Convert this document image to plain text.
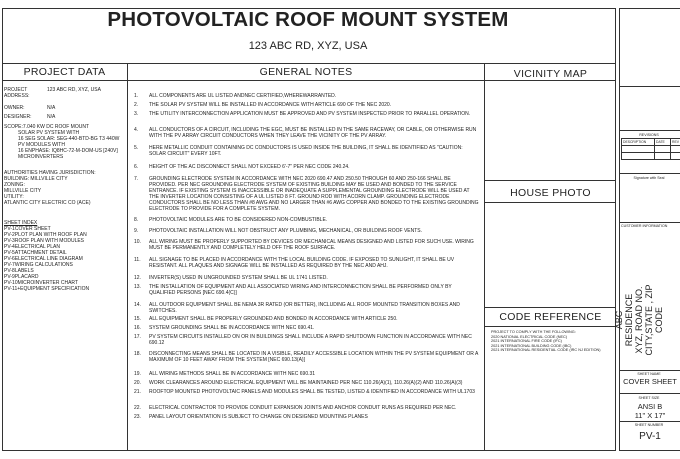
PHOTOVOLTAIC ROOF MOUNT SYSTEM
123 ABC RD, XYZ, USA
PROJECT DATA	GENERAL NOTES	VICINITY MAP
HOUSE PHOTO
CODE REFERENCE
PROJECT ADDRESS:
123 ABC RD, XYZ, USA
OWNER:	N/A
DESIGNER:	N/A
SCOPE:7.040 KW DC ROOF MOUNT
SOLAR PV SYSTEM WITH
16 SEG SOLAR: SEG-440-BTD-BG T3 440W
PV MODULES WITH
16 ENPHASE: IQ8HC-72-M-DOM-US [240V]
MICROINVERTERS
AUTHORITIES HAVING JURISDICTION:
BUILDING: MILLVILLE CITY
ZONING:
MILLVILLE CITY
UTILITY:
ATLANTIC CITY ELECTRIC CO (ACE)
SHEET INDEX
PV-1COVER SHEET
PV-2PLOT PLAN WITH ROOF PLAN
PV-3ROOF PLAN WITH MODULES
PV-4ELECTRICAL PLAN
PV-5ATTACHMENT DETAIL
PV-6ELECTRICAL LINE DIAGRAM
PV-7WIRING CALCULATIONS
PV-8LABELS
PV-9PLACARD
PV-10MICROINVERTER CHART
PV-11+EQUIPMENT SPECIFICATION
1.	ALL COMPONENTS ARE UL LISTED ANDNEC CERTIFIED,WHEREWARRANTED.
2.	THE SOLAR PV SYSTEM WILL BE INSTALLED IN ACCORDANCE WITH ARTICLE 690 OF THE NEC 2020.
3.	THE UTILITY INTERCONNECTION APPLICATION MUST BE APPROVED AND PV SYSTEM INSPECTED PRIOR TO PARALLEL OPERATION.
4.	ALL CONDUCTORS OF A CIRCUIT, INCLUDING THE EGC, MUST BE INSTALLED IN THE SAME RACEWAY, OR CABLE, OR OTHERWISE RUN WITH THE PV ARRAY CIRCUIT CONDUCTORS WHEN THEY LEAVE THE VICINITY OF THE PV ARRAY.
5.	HERE METALLIC CONDUIT CONTAINING DC CONDUCTORS IS USED INSIDE THE BUILDING, IT SHALL BE IDENTIFIED AS "CAUTION: SOLAR CIRCUIT" EVERY 10FT.
6.	HEIGHT OF THE AC DISCONNECT SHALL NOT EXCEED 6'-7" PER NEC CODE 240.24.
7.	GROUNDING ELECTRODE SYSTEM IN ACCORDANCE WITH NEC 2020 690.47 AND 250.50 THROUGH 60 AND 250-166 SHALL BE PROVIDED. PER NEC GROUNDING ELECTRODE SYSTEM OF EXISTING BUILDING MAY BE USED AND BONDED TO THE SERVICE ENTRANCE. IF EXISTING SYSTEM IS INACCESSIBLE OR INADEQUATE A SUPPLEMENTAL GROUNDING ELECTRODE WILL BE USED AT THE INVERTER LOCATION CONSISTING OF A UL LISTED 8 FT. GROUND ROD WITH ACORN CLAMP. GROUNDING ELECTRODE CONDUCTORS SHALL BE NO LESS THAN #8 AWG AND NO LARGER THAN #6 AWG COPPER AND BONDED TO THE EXISTING GROUNDING ELECTRODE TO PROVIDE FOR A COMPLETE SYSTEM.
8.	PHOTOVOLTAIC MODULES ARE TO BE CONSIDERED NON-COMBUSTIBLE.
9.	PHOTOVOLTAIC INSTALLATION WILL NOT OBSTRUCT ANY PLUMBING, MECHANICAL, OR BUILDING ROOF VENTS.
10.	ALL WIRING MUST BE PROPERLY SUPPORTED BY DEVICES OR MECHANICAL MEANS DESIGNED AND LISTED FOR SUCH USE. WIRING MUST BE PERMANENTLY AND COMPLETELY HELD OFF THE ROOF SURFACE.
11.	ALL SIGNAGE TO BE PLACED IN ACCORDANCE WITH THE LOCAL BUILDING CODE. IF EXPOSED TO SUNLIGHT, IT SHALL BE UV RESISTANT. ALL PLAQUES AND SIGNAGE WILL BE INSTALLED AS REQUIRED BY THE NEC AND AHJ.
12.	INVERTER(S) USED IN UNGROUNDED SYSTEM SHALL BE UL 1741 LISTED.
13.	THE INSTALLATION OF EQUIPMENT AND ALL ASSOCIATED WIRING AND INTERCONNECTION SHALL BE PERFORMED ONLY BY QUALIFIED PERSONS [NEC 690.4(C)]
14.	ALL OUTDOOR EQUIPMENT SHALL BE NEMA 3R RATED (OR BETTER), INCLUDING ALL ROOF MOUNTED TRANSITION BOXES AND SWITCHES.
15.	ALL EQUIPMENT SHALL BE PROPERLY GROUNDED AND BONDED IN ACCORDANCE WITH ARTICLE 250.
16.	SYSTEM GROUNDING SHALL BE IN ACCORDANCE WITH NEC 690.41.
17.	PV SYSTEM CIRCUITS INSTALLED ON OR IN BUILDINGS SHALL INCLUDE A RAPID SHUTDOWN FUNCTION IN ACCORDANCE WITH NEC 690.12
18.	DISCONNECTING MEANS SHALL BE LOCATED IN A VISIBLE, READILY ACCESSIBLE LOCATION WITHIN THE PV SYSTEM EQUIPMENT OR A MAXIMUM OF 10 FEET AWAY FROM THE SYSTEM [NEC 690.13(A)]
19.	ALL WIRING METHODS SHALL BE IN ACCORDANCE WITH NEC 690.31
20.	WORK CLEARANCES AROUND ELECTRICAL EQUIPMENT WILL BE MAINTAINED PER NEC 110.26(A)(1), 110.26(A)(2) AND 110.26(A)(3)
21.	ROOFTOP MOUNTED PHOTOVOLTAIC PANELS AND MODULES SHALL BE TESTED, LISTED & IDENTIFIED IN ACCORDANCE WITH UL1703
22.	ELECTRICAL CONTRACTOR TO PROVIDE CONDUIT EXPANSION JOINTS AND ANCHOR CONDUIT RUNS AS REQUIRED PER NEC.
23.	PANEL LAYOUT ORIENTATION IS SUBJECT TO CHANGE ON DESIGNED MOUNTING PLANES
PROJECT TO COMPLY WITH THE FOLLOWING:
2020 NATIONAL ELECTRICAL CODE (NEC)
2021 INTERNATIONAL FIRE CODE (IFC)
2021 INTERNATIONAL BUILDING CODE (IBC)
2021 INTERNATIONAL RESIDENTIAL CODE (IRC NJ EDITION)
REVISIONS
DESCRIPTION	DATE REV
Signature with Seal
CUSTOMER INFORMATION
ABC RESIDENCE XYZ, ROAD NO. CITY,STATE , ZIP CODE
SHEET NAME
COVER SHEET
SHEET SIZE
ANSI B
11" X 17"
SHEET NUMBER
PV-1
